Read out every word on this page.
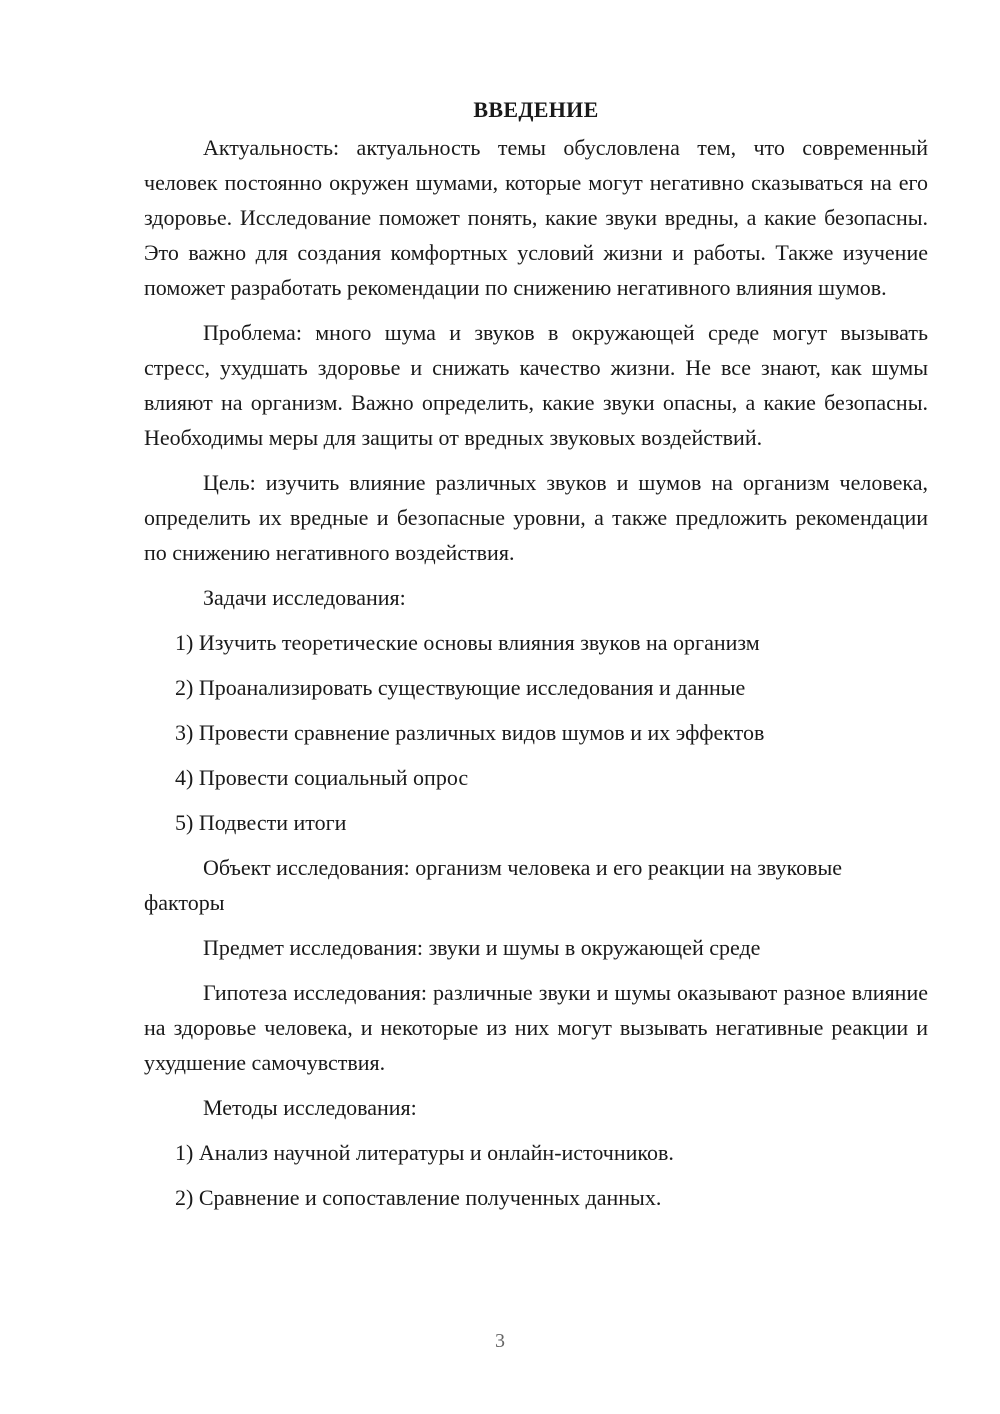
ВВЕДЕНИЕ

Актуальность: актуальность темы обусловлена тем, что современный человек постоянно окружен шумами, которые могут негативно сказываться на его здоровье. Исследование поможет понять, какие звуки вредны, а какие безопасны. Это важно для создания комфортных условий жизни и работы. Также изучение поможет разработать рекомендации по снижению негативного влияния шумов.

Проблема: много шума и звуков в окружающей среде могут вызывать стресс, ухудшать здоровье и снижать качество жизни. Не все знают, как шумы влияют на организм. Важно определить, какие звуки опасны, а какие безопасны. Необходимы меры для защиты от вредных звуковых воздействий.

Цель: изучить влияние различных звуков и шумов на организм человека, определить их вредные и безопасные уровни, а также предложить рекомендации по снижению негативного воздействия.

Задачи исследования:

1) Изучить теоретические основы влияния звуков на организм

2) Проанализировать существующие исследования и данные

3) Провести сравнение различных видов шумов и их эффектов

4) Провести социальный опрос

5) Подвести итоги

Объект исследования: организм человека и его реакции на звуковые факторы

Предмет исследования: звуки и шумы в окружающей среде

Гипотеза исследования: различные звуки и шумы оказывают разное влияние на здоровье человека, и некоторые из них могут вызывать негативные реакции и ухудшение самочувствия.

Методы исследования:

1) Анализ научной литературы и онлайн-источников.

2) Сравнение и сопоставление полученных данных.

3
